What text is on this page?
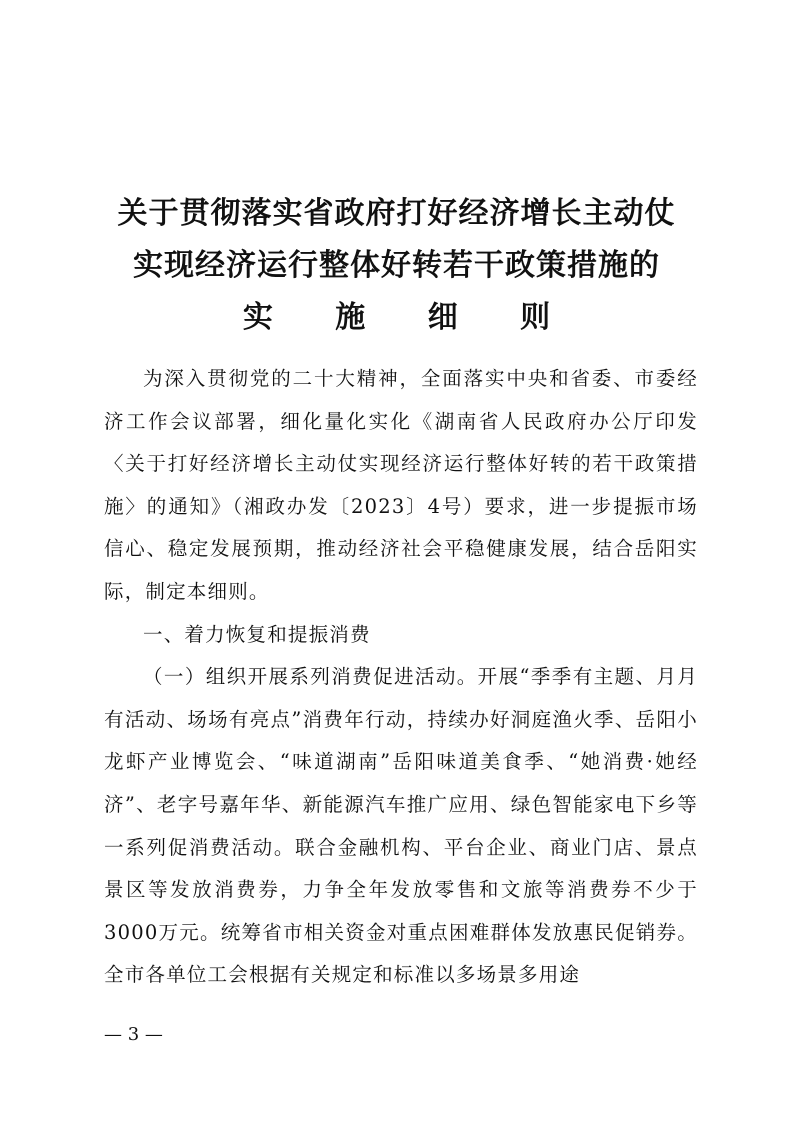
关于贯彻落实省政府打好经济增长主动仗
实现经济运行整体好转若干政策措施的
实 施 细 则

为深入贯彻党的二十大精神，全面落实中央和省委、市委经济工作会议部署，细化量化实化《湖南省人民政府办公厅印发〈关于打好经济增长主动仗实现经济运行整体好转的若干政策措施〉的通知》（湘政办发〔2023〕4号）要求，进一步提振市场信心、稳定发展预期，推动经济社会平稳健康发展，结合岳阳实际，制定本细则。

一、着力恢复和提振消费

（一）组织开展系列消费促进活动。开展“季季有主题、月月有活动、场场有亮点”消费年行动，持续办好洞庭渔火季、岳阳小龙虾产业博览会、“味道湖南”岳阳味道美食季、“她消费·她经济”、老字号嘉年华、新能源汽车推广应用、绿色智能家电下乡等一系列促消费活动。联合金融机构、平台企业、商业门店、景点景区等发放消费券，力争全年发放零售和文旅等消费券不少于3000万元。统筹省市相关资金对重点困难群体发放惠民促销券。全市各单位工会根据有关规定和标准以多场景多用途

— 3 —
